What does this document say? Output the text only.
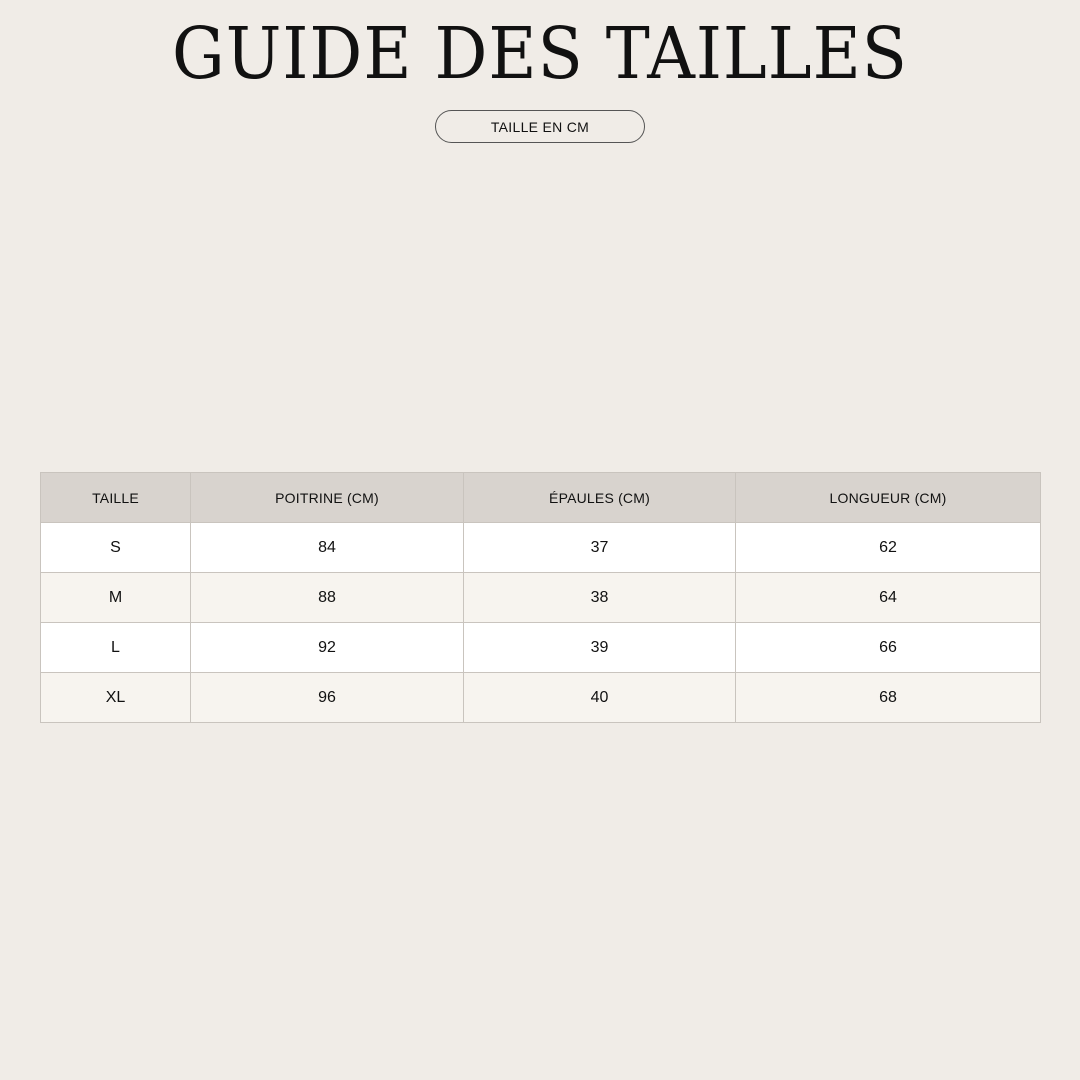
GUIDE DES TAILLES
TAILLE EN CM
TAILLE	POITRINE (CM)	ÉPAULES (CM)	LONGUEUR (CM)
S	84	37	62
M	88	38	64
L	92	39	66
XL	96	40	68
